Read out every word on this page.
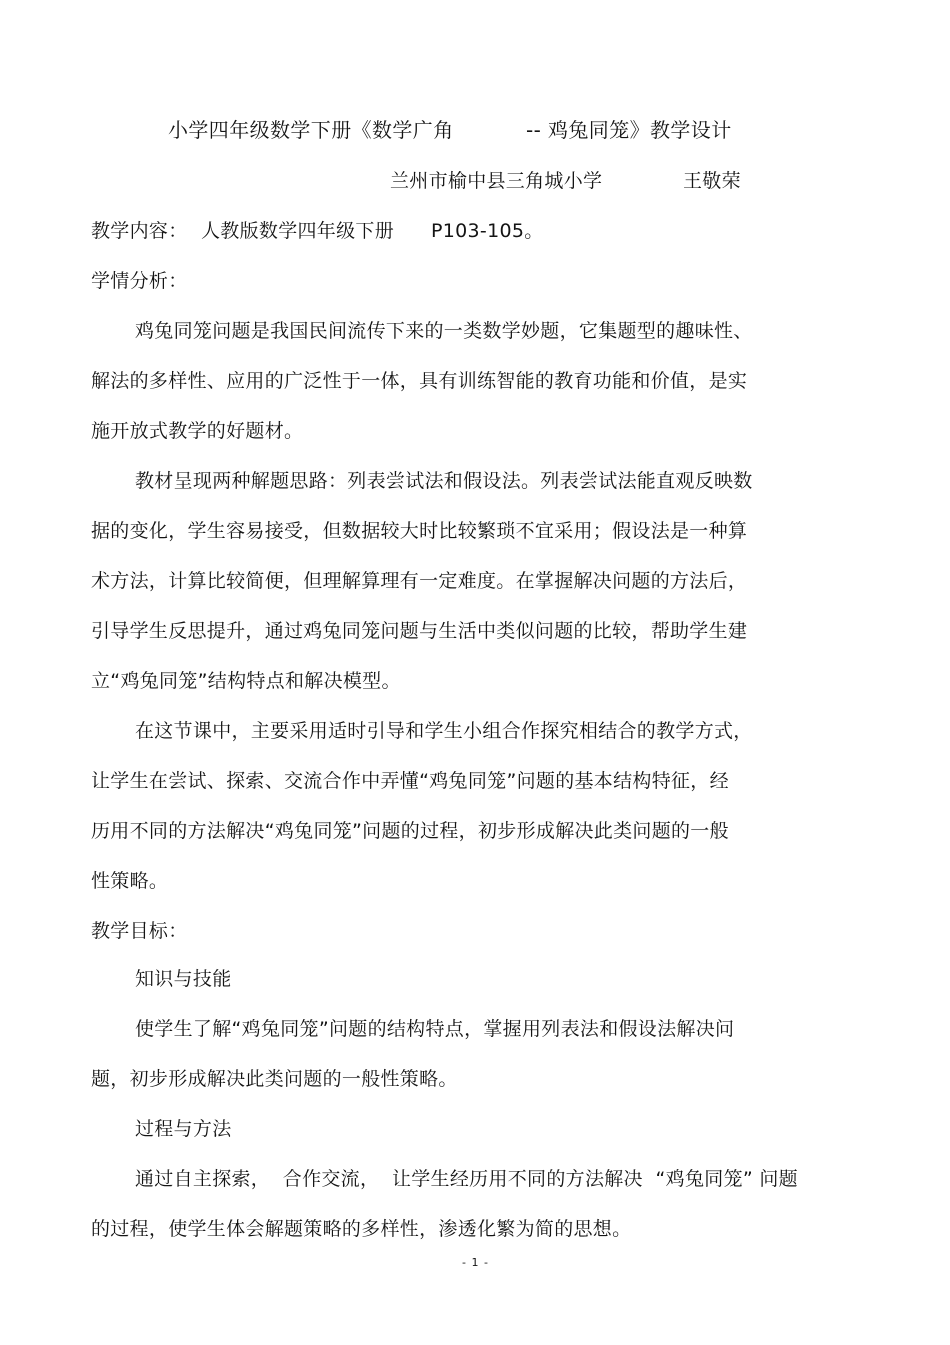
小学四年级数学下册《数学广角	-- 鸡兔同笼》教学设计
兰州市榆中县三角城小学	王敬荣
教学内容： 人教版数学四年级下册 P103-105。
学情分析：
鸡兔同笼问题是我国民间流传下来的一类数学妙题，它集题型的趣味性、
解法的多样性、应用的广泛性于一体，具有训练智能的教育功能和价值，是实
施开放式教学的好题材。
教材呈现两种解题思路：列表尝试法和假设法。列表尝试法能直观反映数
据的变化，学生容易接受，但数据较大时比较繁琐不宜采用；假设法是一种算
术方法，计算比较简便，但理解算理有一定难度。在掌握解决问题的方法后，
引导学生反思提升，通过鸡兔同笼问题与生活中类似问题的比较，帮助学生建
立“鸡兔同笼”结构特点和解决模型。
在这节课中，主要采用适时引导和学生小组合作探究相结合的教学方式，
让学生在尝试、探索、交流合作中弄懂“鸡兔同笼”问题的基本结构特征，经
历用不同的方法解决“鸡兔同笼”问题的过程，初步形成解决此类问题的一般
性策略。
教学目标：
知识与技能
使学生了解“鸡兔同笼”问题的结构特点，掌握用列表法和假设法解决问
题，初步形成解决此类问题的一般性策略。
过程与方法
通过自主探索，  合作交流，  让学生经历用不同的方法解决  “鸡兔同笼” 问题
的过程，使学生体会解题策略的多样性，渗透化繁为简的思想。
- 1 -
